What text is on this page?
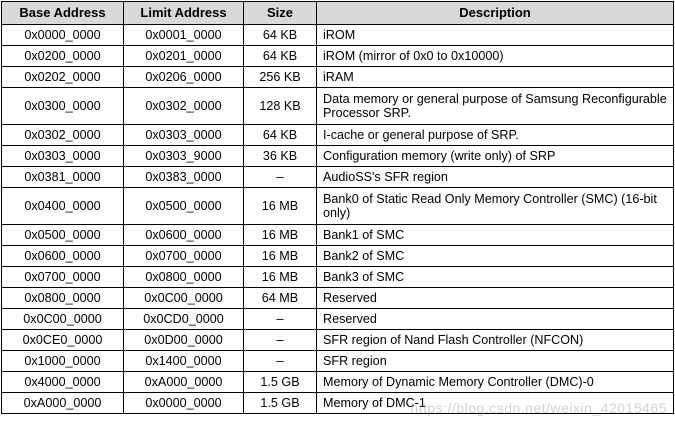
Base Address	Limit Address	Size	Description
0x0000_0000	0x0001_0000	64 KB	iROM
0x0200_0000	0x0201_0000	64 KB	iROM (mirror of 0x0 to 0x10000)
0x0202_0000	0x0206_0000	256 KB	iRAM
0x0300_0000	0x0302_0000	128 KB	Data memory or general purpose of Samsung Reconfigurable Processor SRP.
0x0302_0000	0x0303_0000	64 KB	I-cache or general purpose of SRP.
0x0303_0000	0x0303_9000	36 KB	Configuration memory (write only) of SRP
0x0381_0000	0x0383_0000	–	AudioSS's SFR region
0x0400_0000	0x0500_0000	16 MB	Bank0 of Static Read Only Memory Controller (SMC) (16-bit only)
0x0500_0000	0x0600_0000	16 MB	Bank1 of SMC
0x0600_0000	0x0700_0000	16 MB	Bank2 of SMC
0x0700_0000	0x0800_0000	16 MB	Bank3 of SMC
0x0800_0000	0x0C00_0000	64 MB	Reserved
0x0C00_0000	0x0CD0_0000	–	Reserved
0x0CE0_0000	0x0D00_0000	–	SFR region of Nand Flash Controller (NFCON)
0x1000_0000	0x1400_0000	–	SFR region
0x4000_0000	0xA000_0000	1.5 GB	Memory of Dynamic Memory Controller (DMC)-0
0xA000_0000	0x0000_0000	1.5 GB	Memory of DMC-1
https://blog.csdn.net/weixin_42015465
